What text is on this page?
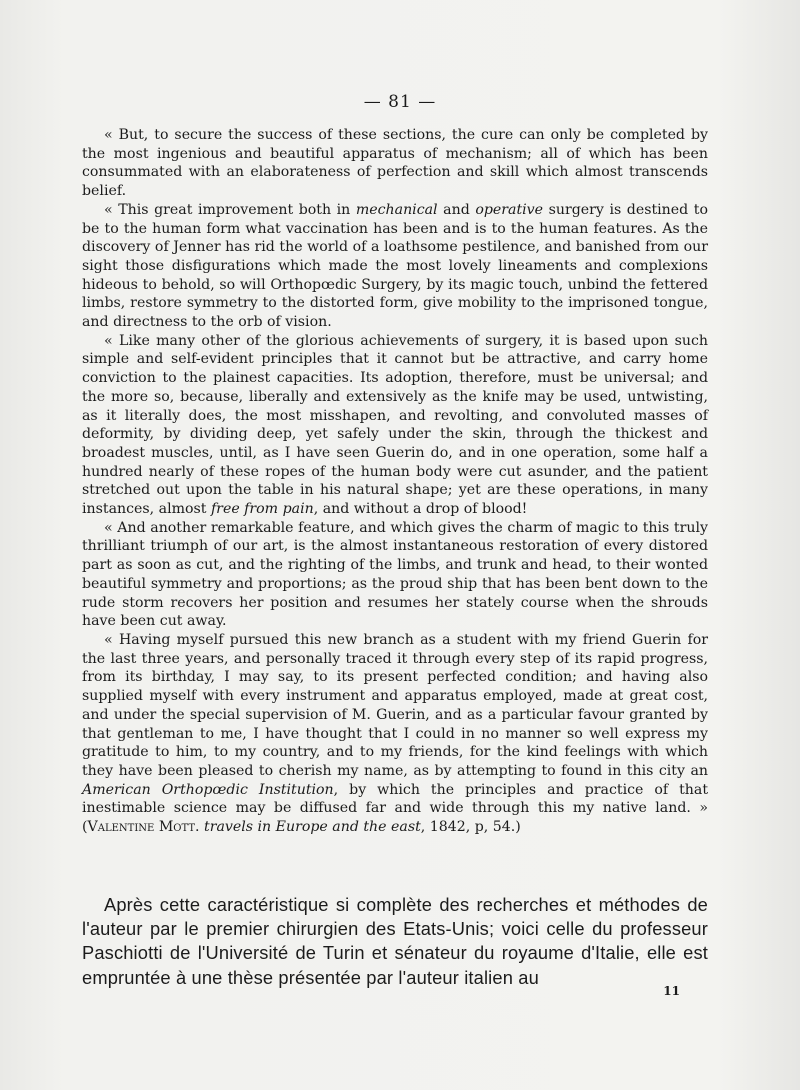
— 81 —

« But, to secure the success of these sections, the cure can only be completed by the most ingenious and beautiful apparatus of mechanism; all of which has been consummated with an elaborateness of perfection and skill which almost transcends belief.

« This great improvement both in mechanical and operative surgery is destined to be to the human form what vaccination has been and is to the human features. As the discovery of Jenner has rid the world of a loathsome pestilence, and banished from our sight those disfigurations which made the most lovely lineaments and complexions hideous to behold, so will Orthopœdic Surgery, by its magic touch, unbind the fettered limbs, restore symmetry to the distorted form, give mobility to the imprisoned tongue, and directness to the orb of vision.

« Like many other of the glorious achievements of surgery, it is based upon such simple and self-evident principles that it cannot but be attractive, and carry home conviction to the plainest capacities. Its adoption, therefore, must be universal; and the more so, because, liberally and extensively as the knife may be used, untwisting, as it literally does, the most misshapen, and revolting, and convoluted masses of deformity, by dividing deep, yet safely under the skin, through the thickest and broadest muscles, until, as I have seen Guerin do, and in one operation, some half a hundred nearly of these ropes of the human body were cut asunder, and the patient stretched out upon the table in his natural shape; yet are these operations, in many instances, almost free from pain, and without a drop of blood!

« And another remarkable feature, and which gives the charm of magic to this truly thrilliant triumph of our art, is the almost instantaneous restoration of every distored part as soon as cut, and the righting of the limbs, and trunk and head, to their wonted beautiful symmetry and proportions; as the proud ship that has been bent down to the rude storm recovers her position and resumes her stately course when the shrouds have been cut away.

« Having myself pursued this new branch as a student with my friend Guerin for the last three years, and personally traced it through every step of its rapid progress, from its birthday, I may say, to its present perfected condition; and having also supplied myself with every instrument and apparatus employed, made at great cost, and under the special supervision of M. Guerin, and as a particular favour granted by that gentleman to me, I have thought that I could in no manner so well express my gratitude to him, to my country, and to my friends, for the kind feelings with which they have been pleased to cherish my name, as by attempting to found in this city an American Orthopœdic Institution, by which the principles and practice of that inestimable science may be diffused far and wide through this my native land. » (Valentine Mott. travels in Europe and the east, 1842, p, 54.)

Après cette caractéristique si complète des recherches et méthodes de l'auteur par le premier chirurgien des Etats-Unis; voici celle du professeur Paschiotti de l'Université de Turin et sénateur du royaume d'Italie, elle est empruntée à une thèse présentée par l'auteur italien au

11
